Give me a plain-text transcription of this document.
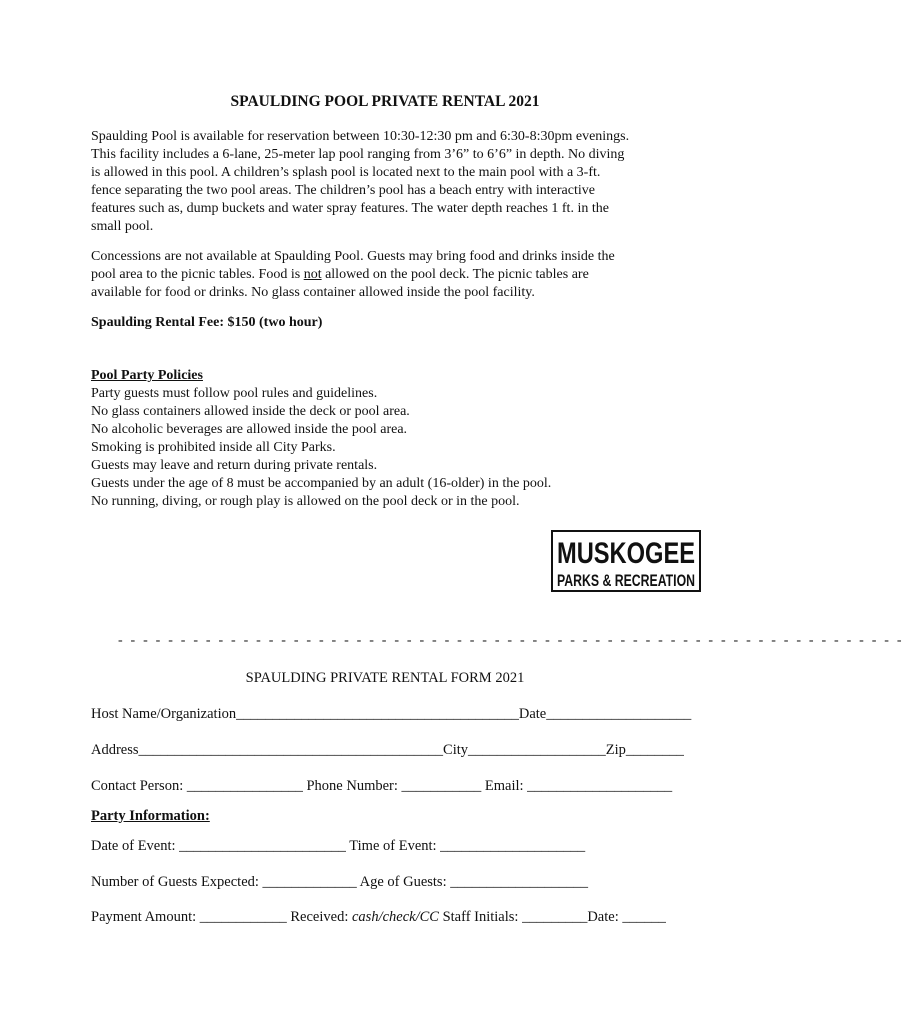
SPAULDING POOL PRIVATE RENTAL 2021
Spaulding Pool is available for reservation between 10:30-12:30 pm and 6:30-8:30pm evenings.
This facility includes a 6-lane, 25-meter lap pool ranging from 3’6” to 6’6” in depth. No diving
is allowed in this pool. A children’s splash pool is located next to the main pool with a 3-ft.
fence separating the two pool areas. The children’s pool has a beach entry with interactive
features such as, dump buckets and water spray features. The water depth reaches 1 ft. in the
small pool.
Concessions are not available at Spaulding Pool. Guests may bring food and drinks inside the
pool area to the picnic tables. Food is not allowed on the pool deck. The picnic tables are
available for food or drinks. No glass container allowed inside the pool facility.
Spaulding Rental Fee: $150 (two hour)
Pool Party Policies
Party guests must follow pool rules and guidelines.
No glass containers allowed inside the deck or pool area.
No alcoholic beverages are allowed inside the pool area.
Smoking is prohibited inside all City Parks.
Guests may leave and return during private rentals.
Guests under the age of 8 must be accompanied by an adult (16-older) in the pool.
No running, diving, or rough play is allowed on the pool deck or in the pool.
MUSKOGEE
PARKS & RECREATION
- - - - - - - - - - - - - - - - - - - - - - - - - - - - - - - - - - - - - - - - - - - - - - - - - - - - - - - - - - - - - - -
SPAULDING PRIVATE RENTAL FORM 2021
Host Name/Organization_______________________________________Date____________________
Address__________________________________________City___________________Zip________
Contact Person: ________________ Phone Number: ___________ Email: ____________________
Party Information:
Date of Event: _______________________ Time of Event: ____________________
Number of Guests Expected: _____________ Age of Guests: ___________________
Payment Amount: ____________ Received: cash/check/CC Staff Initials: _________Date: ______
